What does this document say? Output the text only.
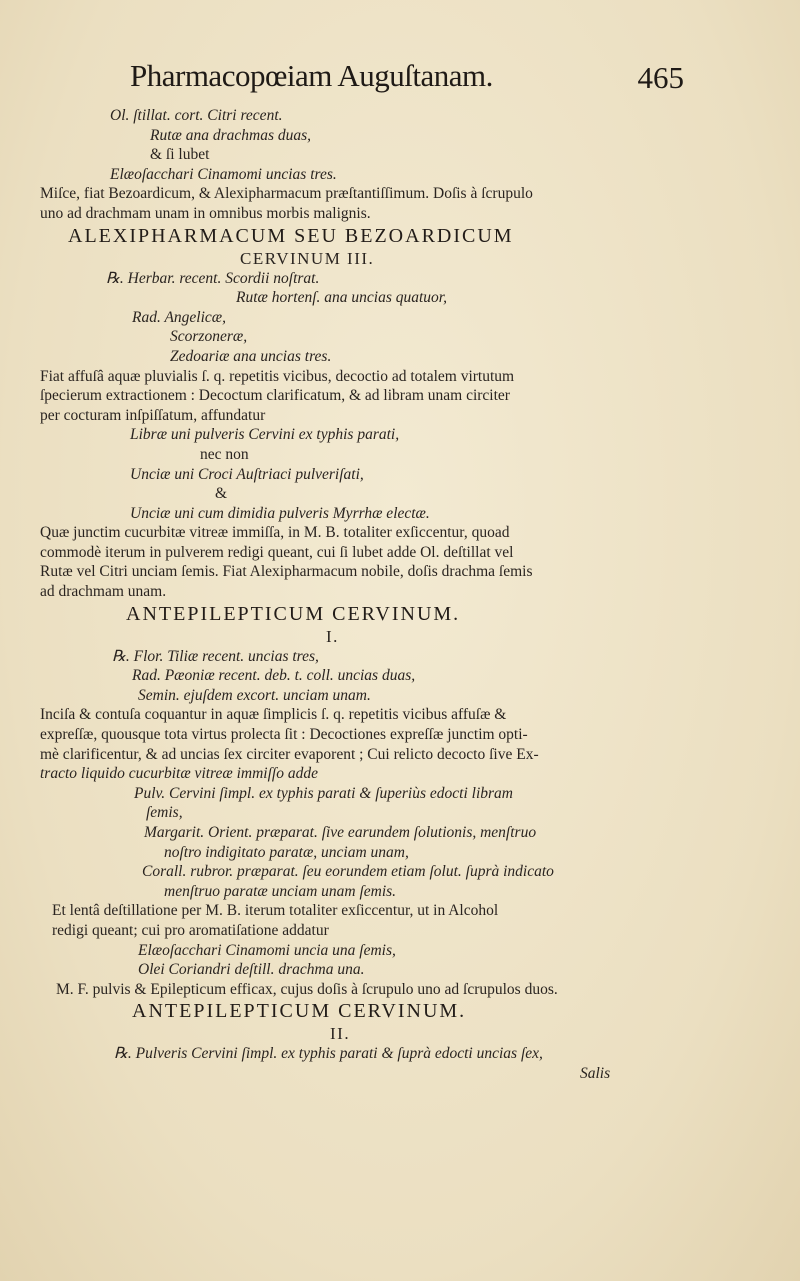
Pharmacopœiam Auguſtanam.	465
Ol. ſtillat. cort. Citri recent.
Rutæ ana drachmas duas,
& ſi lubet
Elæoſacchari Cinamomi uncias tres.
Miſce, fiat Bezoardicum, & Alexipharmacum præſtantiſſimum. Doſis à ſcrupulo
uno ad drachmam unam in omnibus morbis malignis.
ALEXIPHARMACUM SEU BEZOARDICUM
CERVINUM III.
℞. Herbar. recent. Scordii noſtrat.
Rutæ hortenſ. ana uncias quatuor,
Rad. Angelicæ,
Scorzoneræ,
Zedoariæ ana uncias tres.
Fiat affuſâ aquæ pluvialis ſ. q. repetitis vicibus, decoctio ad totalem virtutum
ſpecierum extractionem : Decoctum clarificatum, & ad libram unam circiter
per cocturam inſpiſſatum, affundatur
Libræ uni pulveris Cervini ex typhis parati,
nec non
Unciæ uni Croci Auſtriaci pulveriſati,
&
Unciæ uni cum dimidia pulveris Myrrhæ electæ.
Quæ junctim cucurbitæ vitreæ immiſſa, in M. B. totaliter exſiccentur, quoad
commodè iterum in pulverem redigi queant, cui ſi lubet adde Ol. deſtillat vel
Rutæ vel Citri unciam ſemis. Fiat Alexipharmacum nobile, doſis drachma ſemis
ad drachmam unam.
ANTEPILEPTICUM CERVINUM.
I.
℞. Flor. Tiliæ recent. uncias tres,
Rad. Pæoniæ recent. deb. t. coll. uncias duas,
Semin. ejuſdem excort. unciam unam.
Inciſa & contuſa coquantur in aquæ ſimplicis ſ. q. repetitis vicibus affuſæ &
expreſſæ, quousque tota virtus prolecta ſit : Decoctiones expreſſæ junctim opti-
mè clarificentur, & ad uncias ſex circiter evaporent ; Cui relicto decocto ſive Ex-
tracto liquido cucurbitæ vitreæ immiſſo adde
Pulv. Cervini ſimpl. ex typhis parati & ſuperiùs edocti libram
ſemis,
Margarit. Orient. præparat. ſive earundem ſolutionis, menſtruo
noſtro indigitato paratæ, unciam unam,
Corall. rubror. præparat. ſeu eorundem etiam ſolut. ſuprà indicato
menſtruo paratæ unciam unam ſemis.
Et lentâ deſtillatione per M. B. iterum totaliter exſiccentur, ut in Alcohol
redigi queant; cui pro aromatiſatione addatur
Elæoſacchari Cinamomi uncia una ſemis,
Olei Coriandri deſtill. drachma una.
M. F. pulvis & Epilepticum efficax, cujus doſis à ſcrupulo uno ad ſcrupulos duos.
ANTEPILEPTICUM CERVINUM.
II.
℞. Pulveris Cervini ſimpl. ex typhis parati & ſuprà edocti uncias ſex,
Salis
